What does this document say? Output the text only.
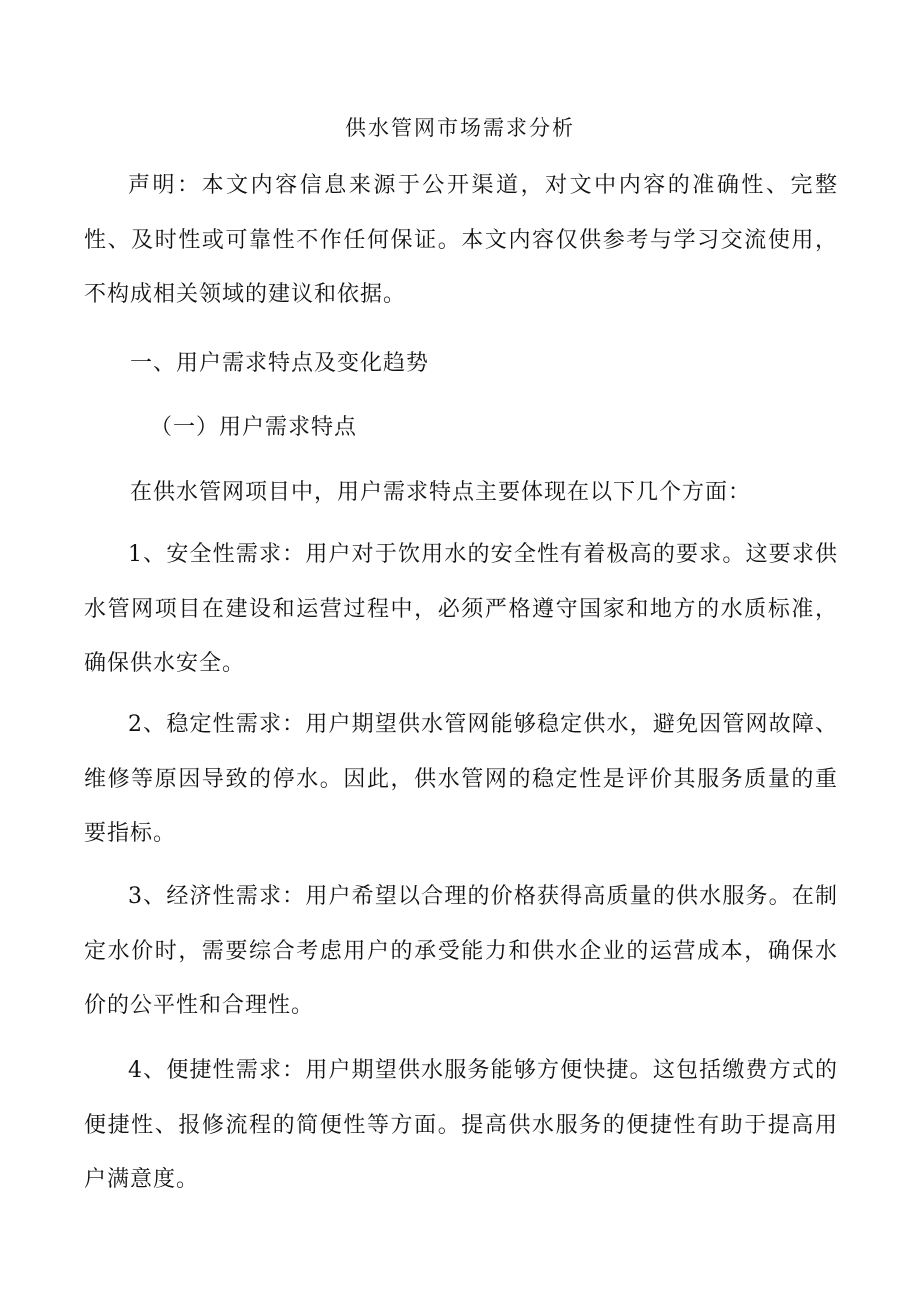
供水管网市场需求分析

声明：本文内容信息来源于公开渠道，对文中内容的准确性、完整性、及时性或可靠性不作任何保证。本文内容仅供参考与学习交流使用，不构成相关领域的建议和依据。

一、用户需求特点及变化趋势
（一）用户需求特点
在供水管网项目中，用户需求特点主要体现在以下几个方面：

1、安全性需求：用户对于饮用水的安全性有着极高的要求。这要求供水管网项目在建设和运营过程中，必须严格遵守国家和地方的水质标准，确保供水安全。

2、稳定性需求：用户期望供水管网能够稳定供水，避免因管网故障、维修等原因导致的停水。因此，供水管网的稳定性是评价其服务质量的重要指标。

3、经济性需求：用户希望以合理的价格获得高质量的供水服务。在制定水价时，需要综合考虑用户的承受能力和供水企业的运营成本，确保水价的公平性和合理性。

4、便捷性需求：用户期望供水服务能够方便快捷。这包括缴费方式的便捷性、报修流程的简便性等方面。提高供水服务的便捷性有助于提高用户满意度。
